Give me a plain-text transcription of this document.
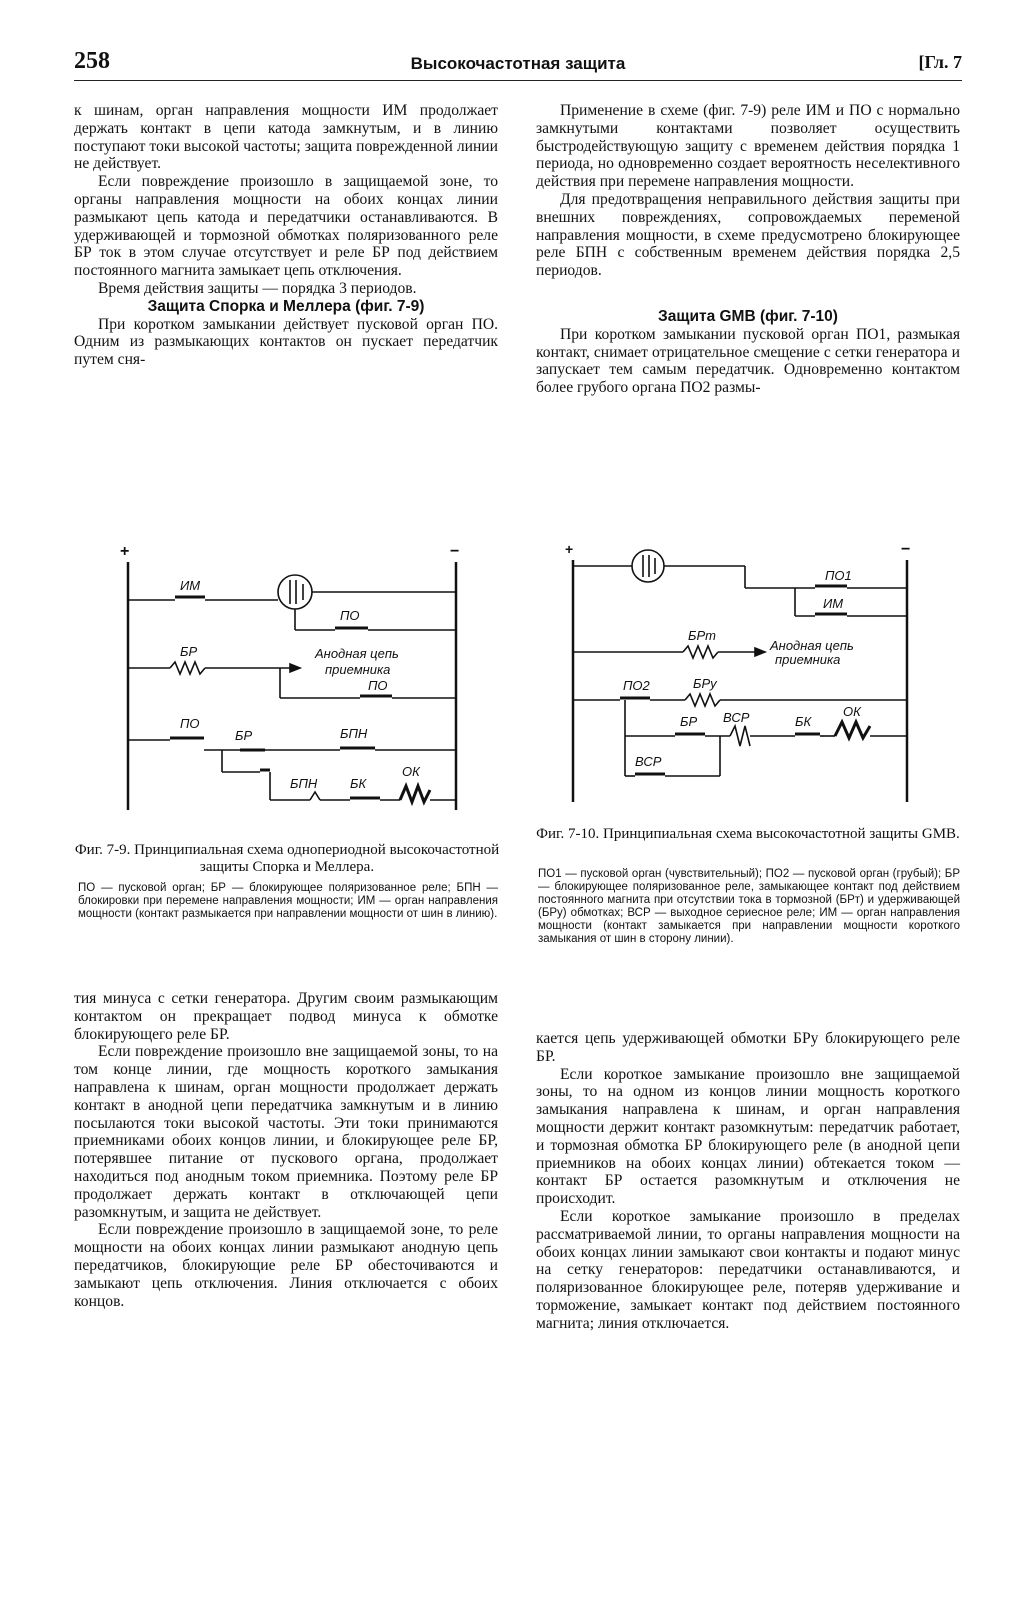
258	Высокочастотная защита	[Гл. 7

к шинам, орган направления мощности ИМ продолжает держать контакт в цепи катода замкнутым, и в линию поступают токи высокой частоты; защита поврежденной линии не действует.

Если повреждение произошло в защищаемой зоне, то органы направления мощности на обоих концах линии размыкают цепь катода и передатчики останавливаются. В удерживающей и тормозной обмотках поляризованного реле БР ток в этом случае отсутствует и реле БР под действием постоянного магнита замыкает цепь отключения.

Время действия защиты — порядка 3 периодов.

Защита Спорка и Меллера (фиг. 7-9)

При коротком замыкании действует пусковой орган ПО. Одним из размыкающих контактов он пускает передатчик путем сня-

Применение в схеме (фиг. 7-9) реле ИМ и ПО с нормально замкнутыми контактами позволяет осуществить быстродействующую защиту с временем действия порядка 1 периода, но одновременно создает вероятность неселективного действия при перемене направления мощности.

Для предотвращения неправильного действия защиты при внешних повреждениях, сопровождаемых переменой направления мощности, в схеме предусмотрено блокирующее реле БПН с собственным временем действия порядка 2,5 периодов.

Защита GMB (фиг. 7-10)

При коротком замыкании пусковой орган ПО1, размыкая контакт, снимает отрицательное смещение с сетки генератора и запускает тем самым передатчик. Одновременно контактом более грубого органа ПО2 размы-

+	−
ИМ
ПО
БР	Анодная цепь
приемника
ПО
ПО
БР	БПН
БПН	БК
ОК
+	−
ПО1
ИМ
БРт
Анодная цепь
приемника
ПО2	БРу
БР ВСР	БК
ОК
ВСР
Фиг. 7-9. Принципиальная схема однопериодной высокочастотной защиты Спорка и Меллера.

ПО — пусковой орган; БР — блокирующее поляризованное реле; БПН — блокировки при перемене направления мощности; ИМ — орган направления мощности (контакт размыкается при направлении мощности от шин в линию).

Фиг. 7-10. Принципиальная схема высокочастотной защиты GMB.

ПО1 — пусковой орган (чувствительный); ПО2 — пусковой орган (грубый); БР — блокирующее поляризованное реле, замыкающее контакт под действием постоянного магнита при отсутствии тока в тормозной (БРт) и удерживающей (БРу) обмотках; ВСР — выходное сериесное реле; ИМ — орган направления мощности (контакт замыкается при направлении мощности короткого замыкания от шин в сторону линии).

тия минуса с сетки генератора. Другим своим размыкающим контактом он прекращает подвод минуса к обмотке блокирующего реле БР.

Если повреждение произошло вне защищаемой зоны, то на том конце линии, где мощность короткого замыкания направлена к шинам, орган мощности продолжает держать контакт в анодной цепи передатчика замкнутым и в линию посылаются токи высокой частоты. Эти токи принимаются приемниками обоих концов линии, и блокирующее реле БР, потерявшее питание от пускового органа, продолжает находиться под анодным током приемника. Поэтому реле БР продолжает держать контакт в отключающей цепи разомкнутым, и защита не действует.

Если повреждение произошло в защищаемой зоне, то реле мощности на обоих концах линии размыкают анодную цепь передатчиков, блокирующие реле БР обесточиваются и замыкают цепь отключения. Линия отключается с обоих концов.

кается цепь удерживающей обмотки БРу блокирующего реле БР.

Если короткое замыкание произошло вне защищаемой зоны, то на одном из концов линии мощность короткого замыкания направлена к шинам, и орган направления мощности держит контакт разомкнутым: передатчик работает, и тормозная обмотка БР блокирующего реле (в анодной цепи приемников на обоих концах линии) обтекается током — контакт БР остается разомкнутым и отключения не происходит.

Если короткое замыкание произошло в пределах рассматриваемой линии, то органы направления мощности на обоих концах линии замыкают свои контакты и подают минус на сетку генераторов: передатчики останавливаются, и поляризованное блокирующее реле, потеряв удерживание и торможение, замыкает контакт под действием постоянного магнита; линия отключается.
